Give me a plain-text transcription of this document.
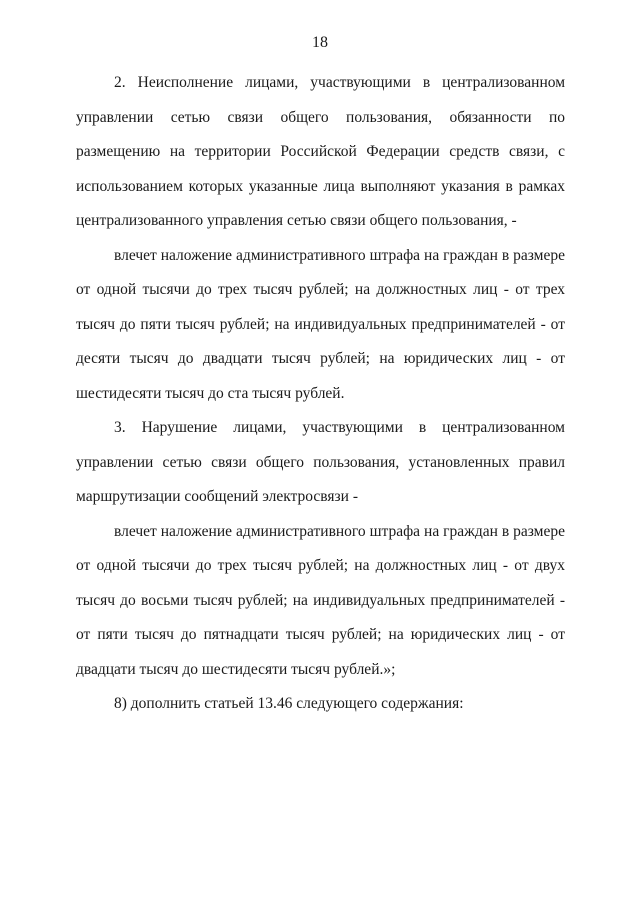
18

2. Неисполнение лицами, участвующими в централизованном управлении сетью связи общего пользования, обязанности по размещению на территории Российской Федерации средств связи, с использованием которых указанные лица выполняют указания в рамках централизованного управления сетью связи общего пользования, -

влечет наложение административного штрафа на граждан в размере от одной тысячи до трех тысяч рублей; на должностных лиц - от трех тысяч до пяти тысяч рублей; на индивидуальных предпринимателей - от десяти тысяч до двадцати тысяч рублей; на юридических лиц - от шестидесяти тысяч до ста тысяч рублей.

3. Нарушение лицами, участвующими в централизованном управлении сетью связи общего пользования, установленных правил маршрутизации сообщений электросвязи -

влечет наложение административного штрафа на граждан в размере от одной тысячи до трех тысяч рублей; на должностных лиц - от двух тысяч до восьми тысяч рублей; на индивидуальных предпринимателей - от пяти тысяч до пятнадцати тысяч рублей; на юридических лиц - от двадцати тысяч до шестидесяти тысяч рублей.»;

8) дополнить статьей 13.46 следующего содержания:
